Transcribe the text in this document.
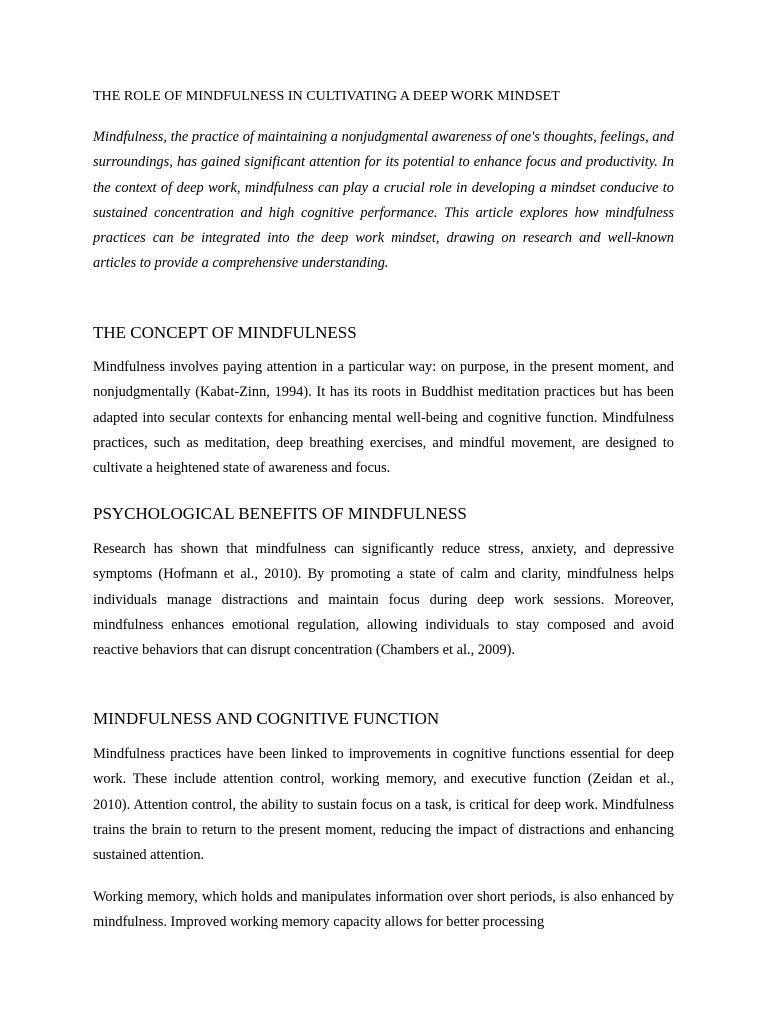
THE ROLE OF MINDFULNESS IN CULTIVATING A DEEP WORK MINDSET

Mindfulness, the practice of maintaining a nonjudgmental awareness of one's thoughts, feelings, and surroundings, has gained significant attention for its potential to enhance focus and productivity. In the context of deep work, mindfulness can play a crucial role in developing a mindset conducive to sustained concentration and high cognitive performance. This article explores how mindfulness practices can be integrated into the deep work mindset, drawing on research and well-known articles to provide a comprehensive understanding.

THE CONCEPT OF MINDFULNESS

Mindfulness involves paying attention in a particular way: on purpose, in the present moment, and nonjudgmentally (Kabat-Zinn, 1994). It has its roots in Buddhist meditation practices but has been adapted into secular contexts for enhancing mental well-being and cognitive function. Mindfulness practices, such as meditation, deep breathing exercises, and mindful movement, are designed to cultivate a heightened state of awareness and focus.

PSYCHOLOGICAL BENEFITS OF MINDFULNESS

Research has shown that mindfulness can significantly reduce stress, anxiety, and depressive symptoms (Hofmann et al., 2010). By promoting a state of calm and clarity, mindfulness helps individuals manage distractions and maintain focus during deep work sessions. Moreover, mindfulness enhances emotional regulation, allowing individuals to stay composed and avoid reactive behaviors that can disrupt concentration (Chambers et al., 2009).

MINDFULNESS AND COGNITIVE FUNCTION

Mindfulness practices have been linked to improvements in cognitive functions essential for deep work. These include attention control, working memory, and executive function (Zeidan et al., 2010). Attention control, the ability to sustain focus on a task, is critical for deep work. Mindfulness trains the brain to return to the present moment, reducing the impact of distractions and enhancing sustained attention.

Working memory, which holds and manipulates information over short periods, is also enhanced by mindfulness. Improved working memory capacity allows for better processing
